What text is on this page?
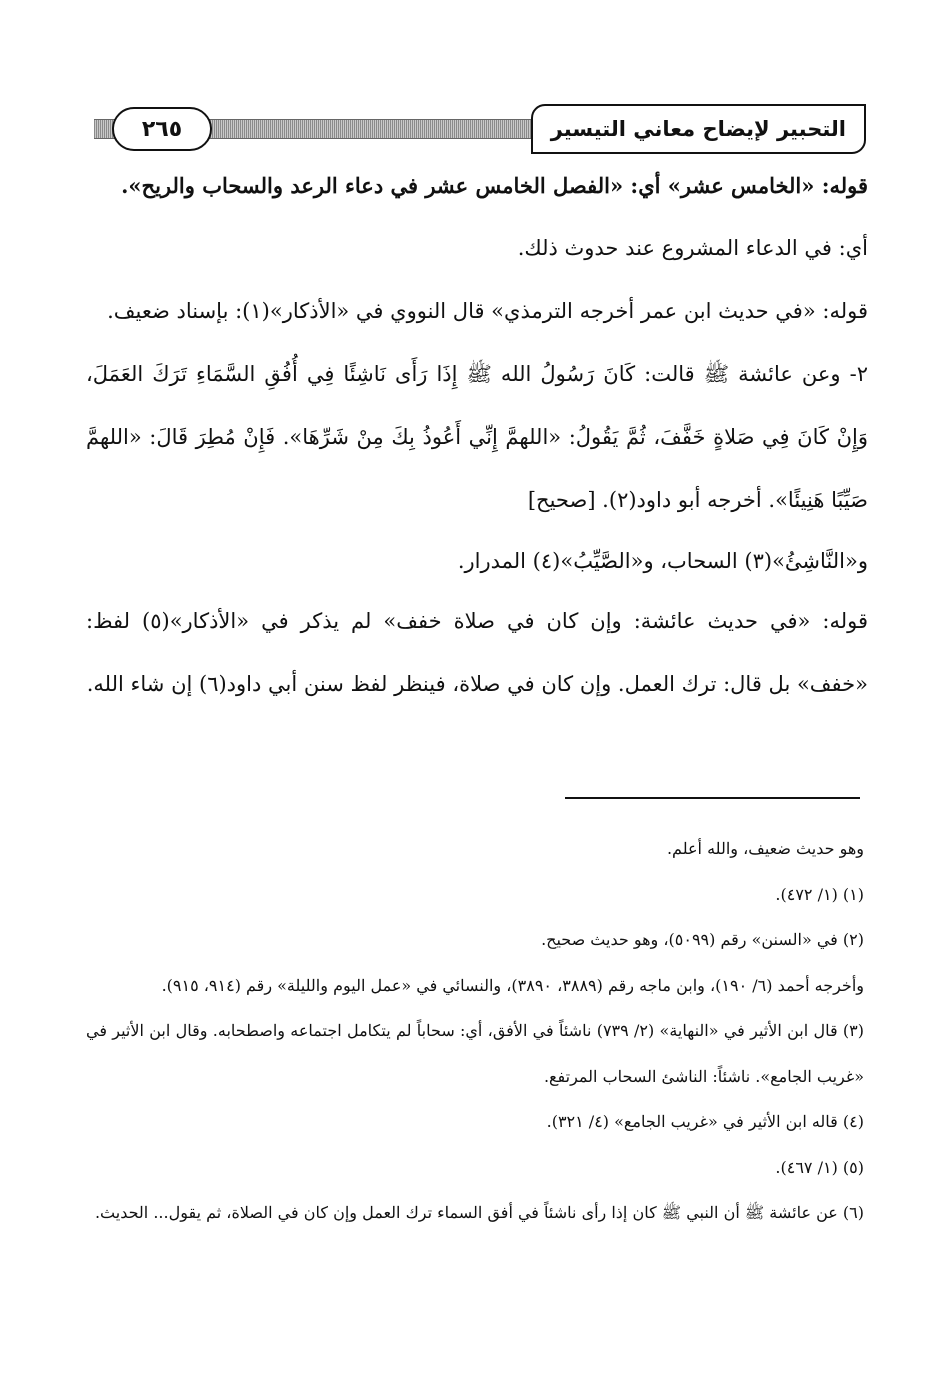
٢٦٥	التحبير لإيضاح معاني التيسير

قوله: «الخامس عشر» أي: «الفصل الخامس عشر في دعاء الرعد والسحاب والريح».

أي: في الدعاء المشروع عند حدوث ذلك.

قوله: «في حديث ابن عمر أخرجه الترمذي» قال النووي في «الأذكار»(١): بإسناد ضعيف.

٢- وعن عائشة ﷺ قالت: كَانَ رَسُولُ الله ﷺ إِذَا رَأَى نَاشِئًا فِي أُفُقِ السَّمَاءِ تَرَكَ العَمَلَ، وَإِنْ كَانَ فِي صَلاةٍ خَفَّفَ، ثُمَّ يَقُولُ: «اللهمَّ إِنِّي أَعُوذُ بِكَ مِنْ شَرِّهَا». فَإِنْ مُطِرَ قَالَ: «اللهمَّ صَيِّبًا هَنِيئًا». أخرجه أبو داود(٢). [صحيح]

و«النَّاشِئُ»(٣) السحاب، و«الصَّيِّبُ»(٤) المدرار.

قوله: «في حديث عائشة: وإن كان في صلاة خفف» لم يذكر في «الأذكار»(٥) لفظ: «خفف» بل قال: ترك العمل. وإن كان في صلاة، فينظر لفظ سنن أبي داود(٦) إن شاء الله.

وهو حديث ضعيف، والله أعلم.

(١) (١/ ٤٧٢).

(٢) في «السنن» رقم (٥٠٩٩)، وهو حديث صحيح.

وأخرجه أحمد (٦/ ١٩٠)، وابن ماجه رقم (٣٨٨٩، ٣٨٩٠)، والنسائي في «عمل اليوم والليلة» رقم (٩١٤، ٩١٥).

(٣) قال ابن الأثير في «النهاية» (٢/ ٧٣٩) ناشئاً في الأفق، أي: سحاباً لم يتكامل اجتماعه واصطحابه. وقال ابن الأثير في «غريب الجامع». ناشئاً: الناشئ السحاب المرتفع.

(٤) قاله ابن الأثير في «غريب الجامع» (٤/ ٣٢١).

(٥) (١/ ٤٦٧).

(٦) عن عائشة ﷺ أن النبي ﷺ كان إذا رأى ناشئاً في أفق السماء ترك العمل وإن كان في الصلاة، ثم يقول... الحديث.
